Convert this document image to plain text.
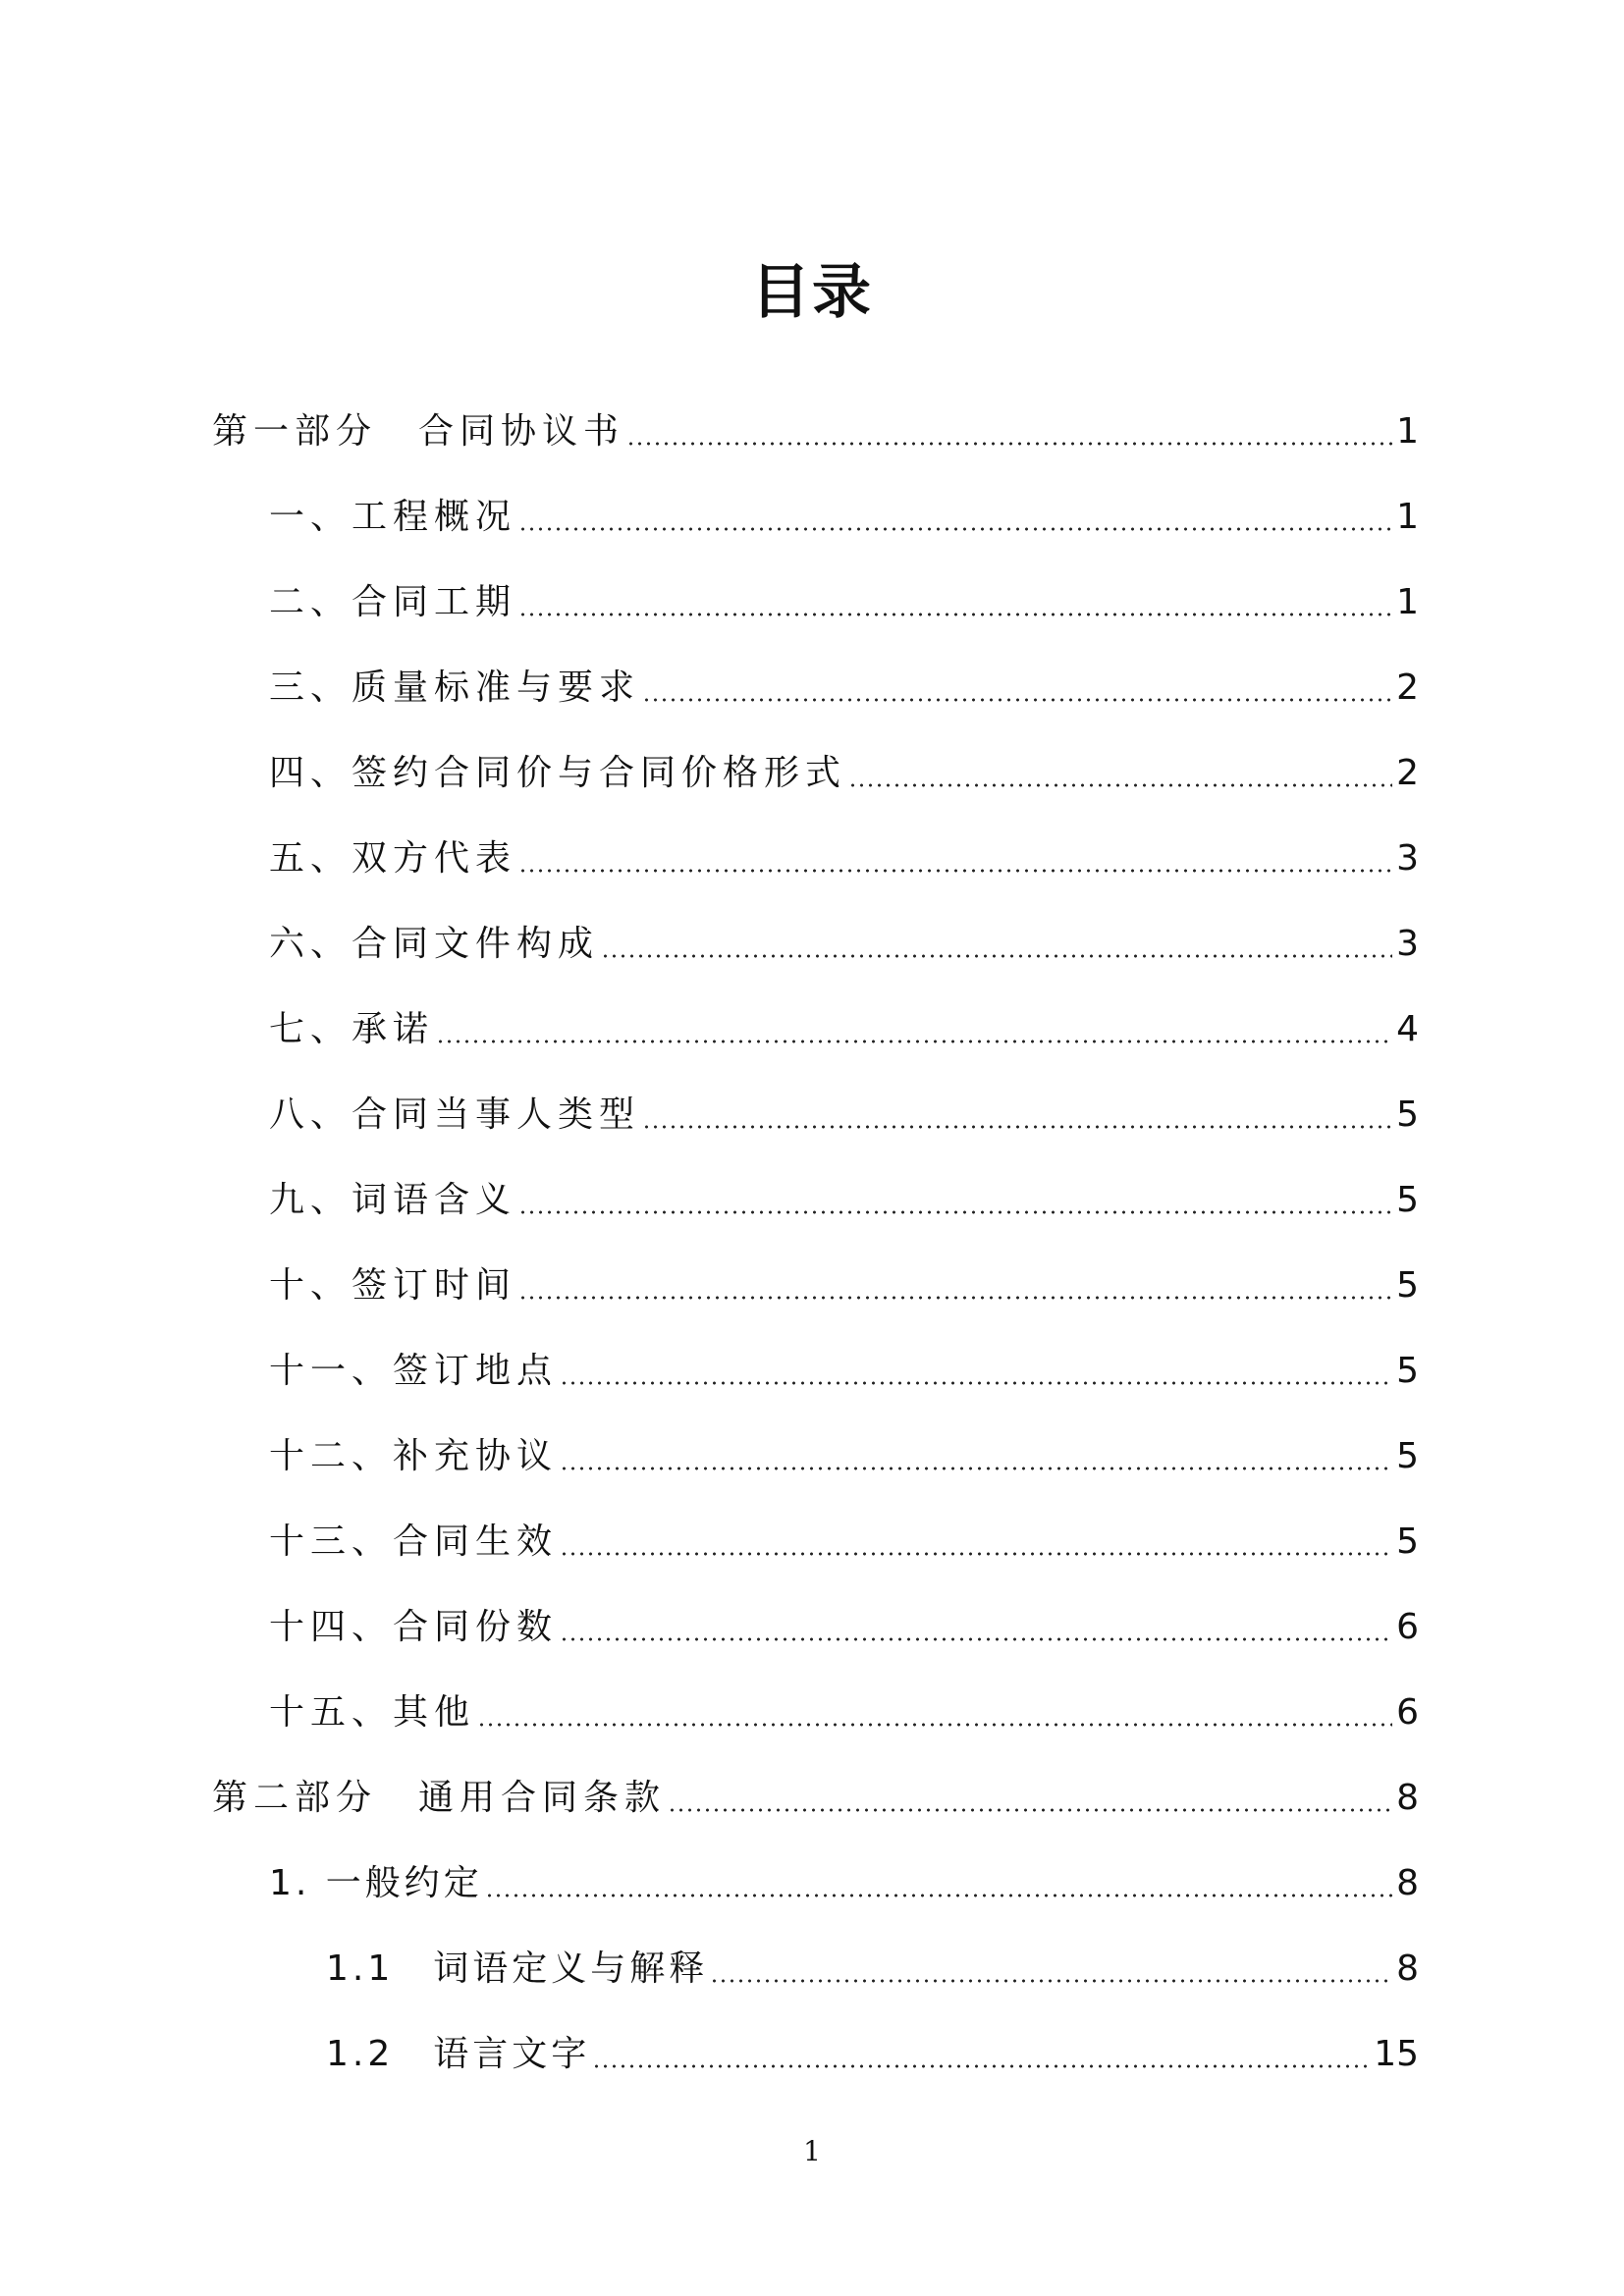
目录
第一部分　合同协议书	1
一、工程概况	1
二、合同工期	1
三、质量标准与要求	2
四、签约合同价与合同价格形式	2
五、双方代表	3
六、合同文件构成	3
七、承诺	4
八、合同当事人类型	5
九、词语含义	5
十、签订时间	5
十一、签订地点	5
十二、补充协议	5
十三、合同生效	5
十四、合同份数	6
十五、其他	6
第二部分　通用合同条款	8
1. 一般约定	8
1.1　词语定义与解释	8
1.2　语言文字	15
1
